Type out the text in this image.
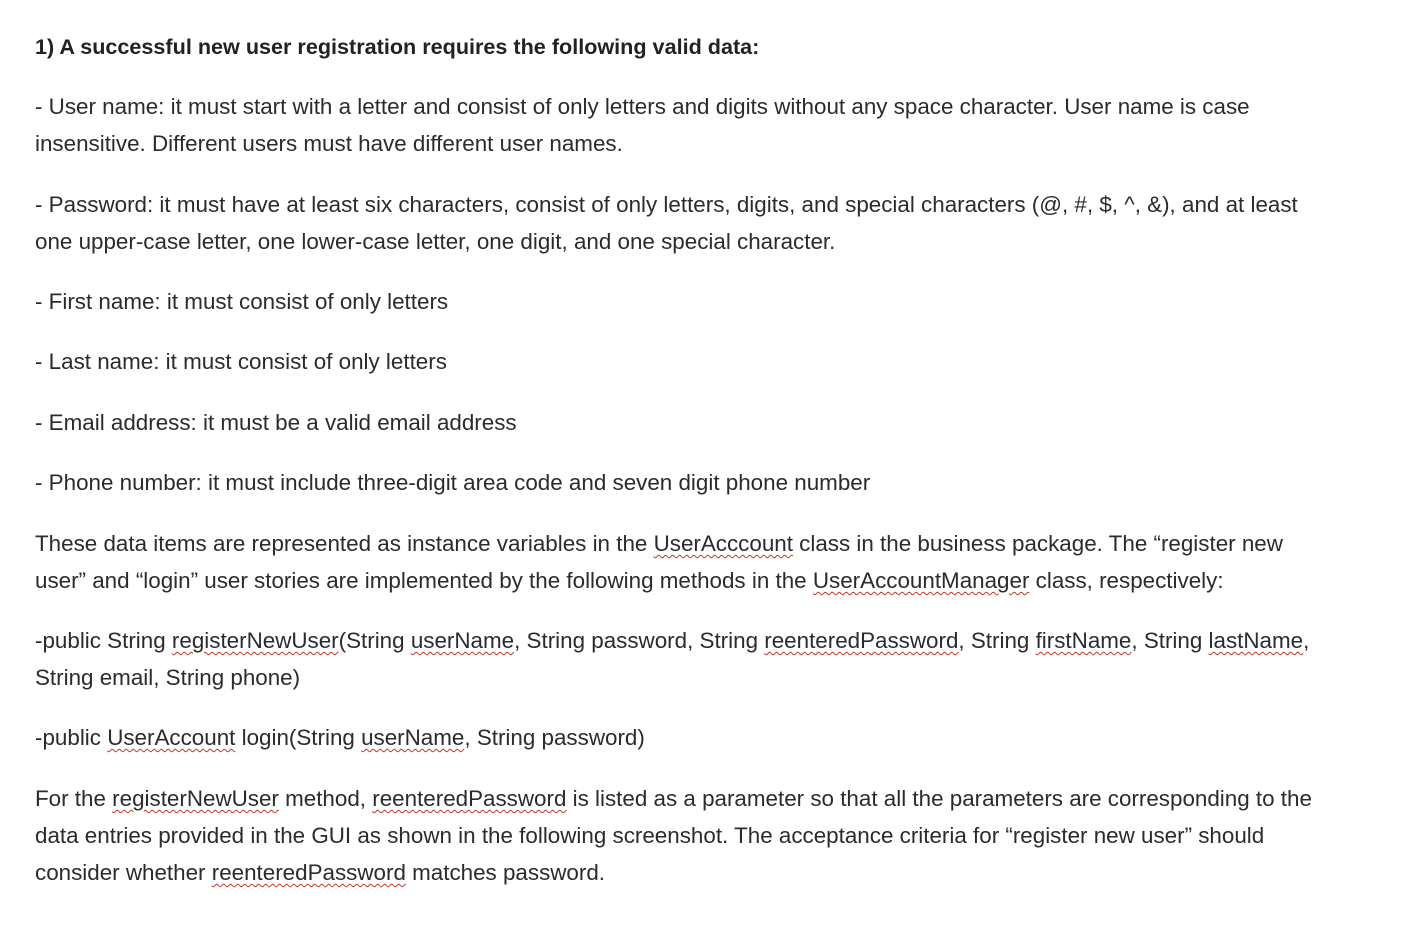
1) A successful new user registration requires the following valid data:
- User name: it must start with a letter and consist of only letters and digits without any space character. User name is case
insensitive. Different users must have different user names.
- Password: it must have at least six characters, consist of only letters, digits, and special characters (@, #, $, ^, &), and at least
one upper-case letter, one lower-case letter, one digit, and one special character.
- First name: it must consist of only letters
- Last name: it must consist of only letters
- Email address: it must be a valid email address
- Phone number: it must include three-digit area code and seven digit phone number
These data items are represented as instance variables in the UserAcccount class in the business package. The “register new
user” and “login” user stories are implemented by the following methods in the UserAccountManager class, respectively:
-public String registerNewUser(String userName, String password, String reenteredPassword, String firstName, String lastName,
String email, String phone)
-public UserAccount login(String userName, String password)
For the registerNewUser method, reenteredPassword is listed as a parameter so that all the parameters are corresponding to the
data entries provided in the GUI as shown in the following screenshot. The acceptance criteria for “register new user” should
consider whether reenteredPassword matches password.
